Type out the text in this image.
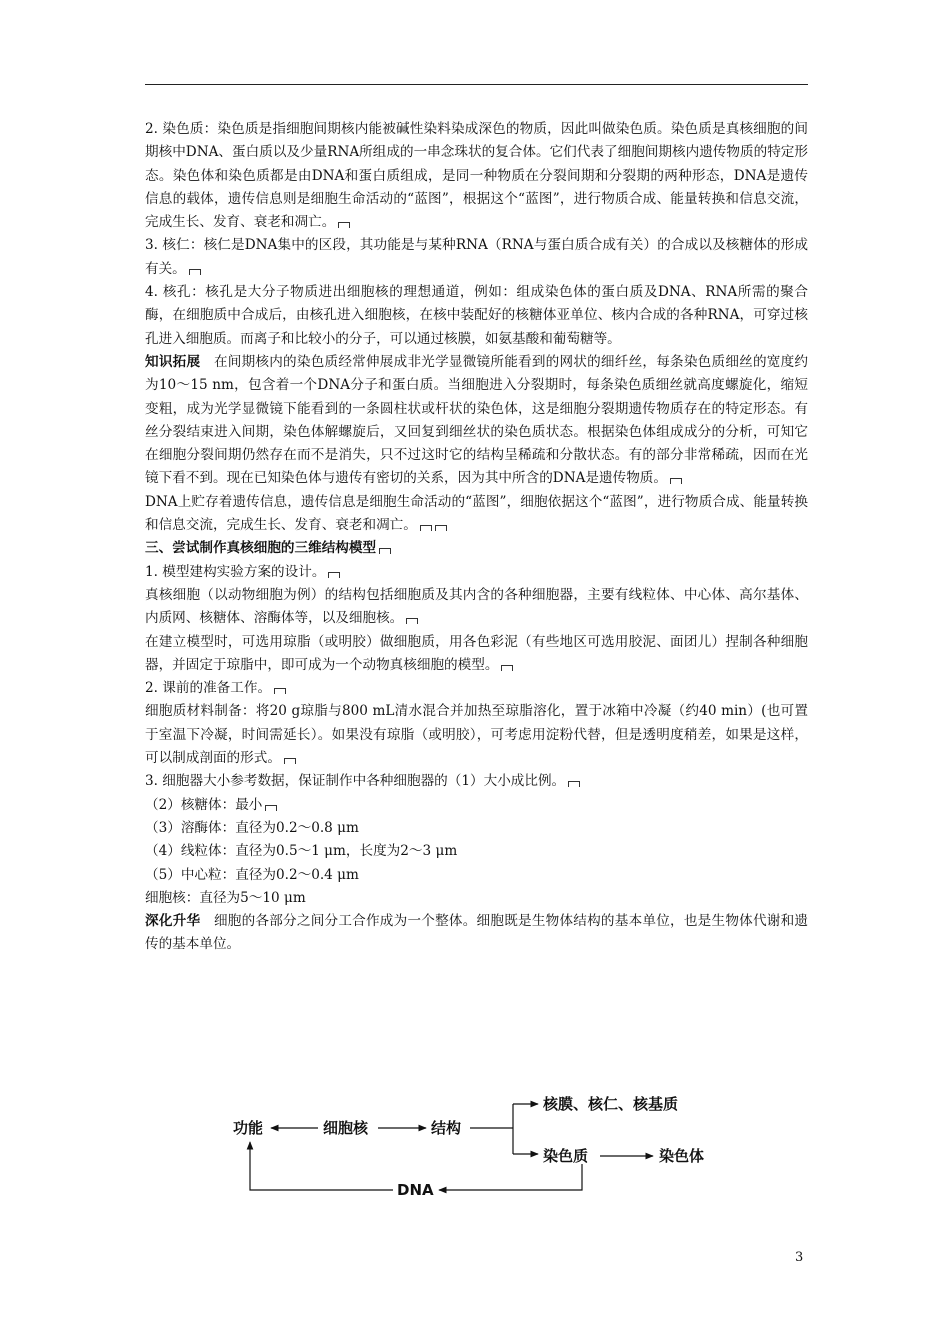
2. 染色质：染色质是指细胞间期核内能被碱性染料染成深色的物质，因此叫做染色质。染色质是真核细胞的间期核中DNA、蛋白质以及少量RNA所组成的一串念珠状的复合体。它们代表了细胞间期核内遗传物质的特定形态。染色体和染色质都是由DNA和蛋白质组成，是同一种物质在分裂间期和分裂期的两种形态，DNA是遗传信息的载体，遗传信息则是细胞生命活动的“蓝图”，根据这个“蓝图”，进行物质合成、能量转换和信息交流，完成生长、发育、衰老和凋亡。

3. 核仁：核仁是DNA集中的区段，其功能是与某种RNA（RNA与蛋白质合成有关）的合成以及核糖体的形成有关。

4. 核孔：核孔是大分子物质进出细胞核的理想通道，例如：组成染色体的蛋白质及DNA、RNA所需的聚合酶，在细胞质中合成后，由核孔进入细胞核，在核中装配好的核糖体亚单位、核内合成的各种RNA，可穿过核孔进入细胞质。而离子和比较小的分子，可以通过核膜，如氨基酸和葡萄糖等。

知识拓展 在间期核内的染色质经常伸展成非光学显微镜所能看到的网状的细纤丝，每条染色质细丝的宽度约为10～15 nm，包含着一个DNA分子和蛋白质。当细胞进入分裂期时，每条染色质细丝就高度螺旋化，缩短变粗，成为光学显微镜下能看到的一条圆柱状或杆状的染色体，这是细胞分裂期遗传物质存在的特定形态。有丝分裂结束进入间期，染色体解螺旋后，又回复到细丝状的染色质状态。根据染色体组成成分的分析，可知它在细胞分裂间期仍然存在而不是消失，只不过这时它的结构呈稀疏和分散状态。有的部分非常稀疏，因而在光镜下看不到。现在已知染色体与遗传有密切的关系，因为其中所含的DNA是遗传物质。

DNA上贮存着遗传信息，遗传信息是细胞生命活动的“蓝图”，细胞依据这个“蓝图”，进行物质合成、能量转换和信息交流，完成生长、发育、衰老和凋亡。

三、尝试制作真核细胞的三维结构模型

1. 模型建构实验方案的设计。

真核细胞（以动物细胞为例）的结构包括细胞质及其内含的各种细胞器，主要有线粒体、中心体、高尔基体、内质网、核糖体、溶酶体等，以及细胞核。

在建立模型时，可选用琼脂（或明胶）做细胞质，用各色彩泥（有些地区可选用胶泥、面团儿）捏制各种细胞器，并固定于琼脂中，即可成为一个动物真核细胞的模型。

2. 课前的准备工作。

细胞质材料制备：将20 g琼脂与800 mL清水混合并加热至琼脂溶化，置于冰箱中冷凝（约40 min）(也可置于室温下冷凝，时间需延长）。如果没有琼脂（或明胶），可考虑用淀粉代替，但是透明度稍差，如果是这样，可以制成剖面的形式。

3. 细胞器大小参考数据，保证制作中各种细胞器的（1）大小成比例。

（2）核糖体：最小

（3）溶酶体：直径为0.2～0.8 μm

（4）线粒体：直径为0.5～1 μm，长度为2～3 μm

（5）中心粒：直径为0.2～0.4 μm

细胞核：直径为5～10 μm

深化升华 细胞的各部分之间分工合作成为一个整体。细胞既是生物体结构的基本单位，也是生物体代谢和遗传的基本单位。

功能	细胞核	结构
核膜、核仁、核基质
染色质	染色体
DNA
3
